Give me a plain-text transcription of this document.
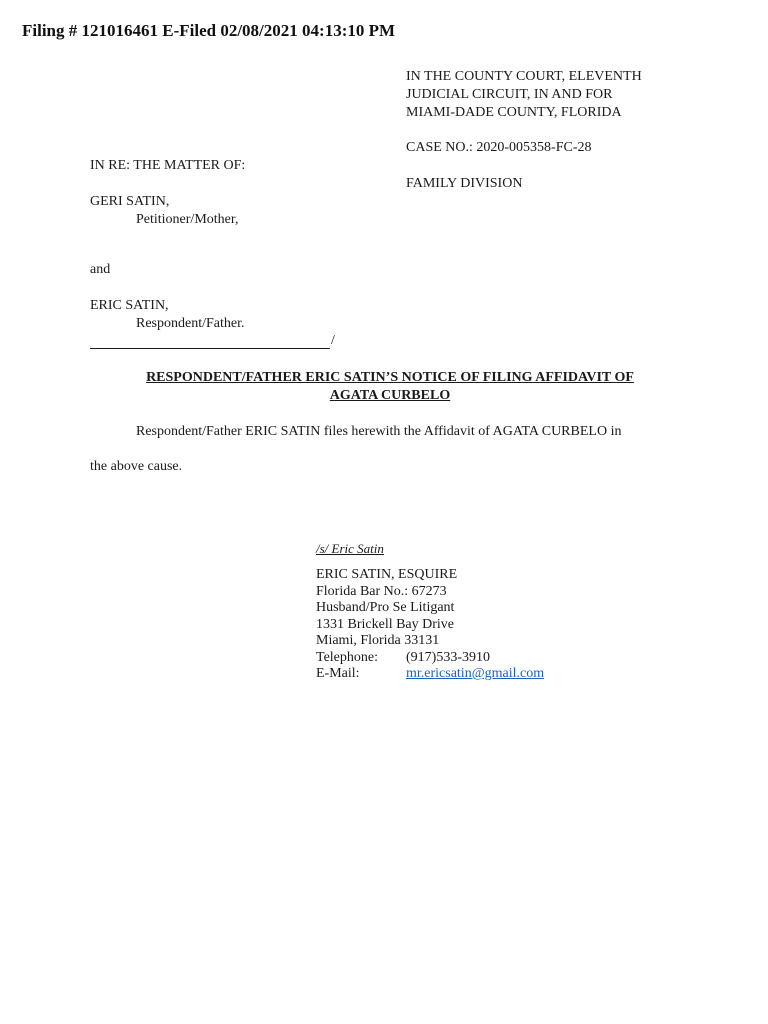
Filing # 121016461 E-Filed 02/08/2021 04:13:10 PM
IN THE COUNTY COURT, ELEVENTH
JUDICIAL CIRCUIT, IN AND FOR
MIAMI-DADE COUNTY, FLORIDA
CASE NO.: 2020-005358-FC-28
FAMILY DIVISION
IN RE: THE MATTER OF:
GERI SATIN,
Petitioner/Mother,
and
ERIC SATIN,
Respondent/Father.
/
RESPONDENT/FATHER ERIC SATIN’S NOTICE OF FILING AFFIDAVIT OF
AGATA CURBELO
Respondent/Father ERIC SATIN files herewith the Affidavit of AGATA CURBELO in
the above cause.
/s/ Eric Satin
ERIC SATIN, ESQUIRE
Florida Bar No.: 67273
Husband/Pro Se Litigant
1331 Brickell Bay Drive
Miami, Florida 33131
Telephone: (917)533-3910
E-Mail:	mr.ericsatin@gmail.com
